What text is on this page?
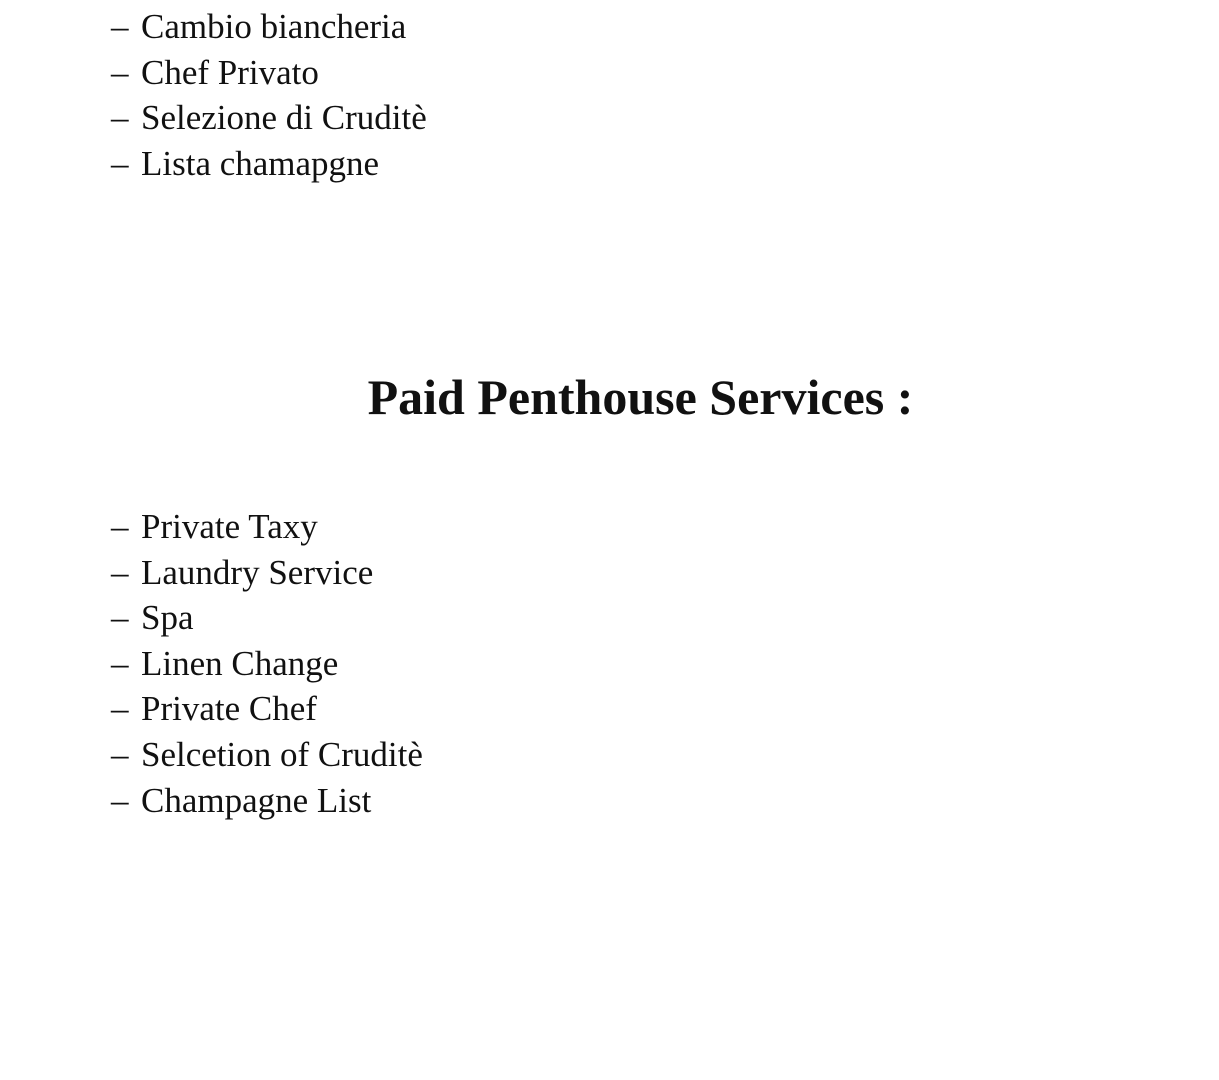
– Cambio biancheria
– Chef Privato
– Selezione di Cruditè
– Lista chamapgne
Paid Penthouse Services :
– Private Taxy
– Laundry Service
– Spa
– Linen Change
– Private Chef
– Selcetion of Cruditè
– Champagne List
